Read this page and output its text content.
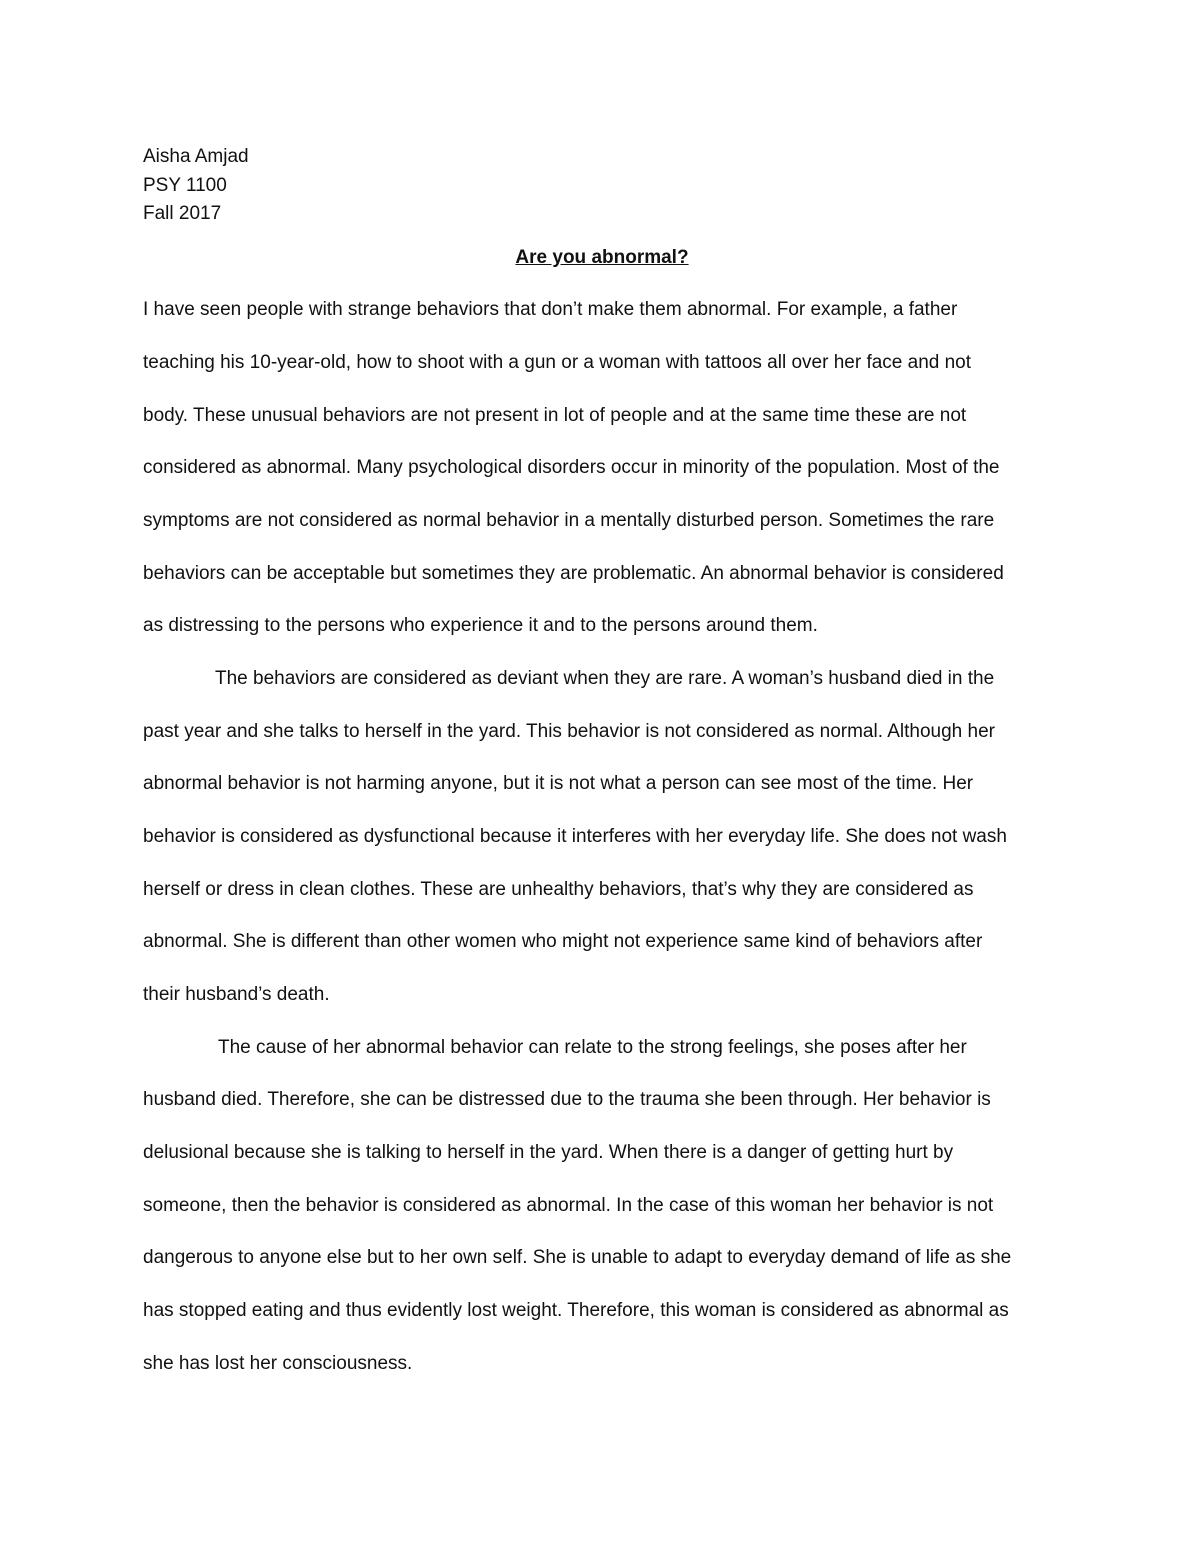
Aisha Amjad
PSY 1100
Fall 2017
Are you abnormal?
I have seen people with strange behaviors that don’t make them abnormal. For example, a father
teaching his 10-year-old, how to shoot with a gun or a woman with tattoos all over her face and not
body. These unusual behaviors are not present in lot of people and at the same time these are not
considered as abnormal. Many psychological disorders occur in minority of the population. Most of the
symptoms are not considered as normal behavior in a mentally disturbed person. Sometimes the rare
behaviors can be acceptable but sometimes they are problematic. An abnormal behavior is considered
as distressing to the persons who experience it and to the persons around them.
The behaviors are considered as deviant when they are rare. A woman’s husband died in the
past year and she talks to herself in the yard. This behavior is not considered as normal. Although her
abnormal behavior is not harming anyone, but it is not what a person can see most of the time. Her
behavior is considered as dysfunctional because it interferes with her everyday life. She does not wash
herself or dress in clean clothes. These are unhealthy behaviors, that’s why they are considered as
abnormal. She is different than other women who might not experience same kind of behaviors after
their husband’s death.
The cause of her abnormal behavior can relate to the strong feelings, she poses after her
husband died. Therefore, she can be distressed due to the trauma she been through. Her behavior is
delusional because she is talking to herself in the yard. When there is a danger of getting hurt by
someone, then the behavior is considered as abnormal. In the case of this woman her behavior is not
dangerous to anyone else but to her own self. She is unable to adapt to everyday demand of life as she
has stopped eating and thus evidently lost weight. Therefore, this woman is considered as abnormal as
she has lost her consciousness.
